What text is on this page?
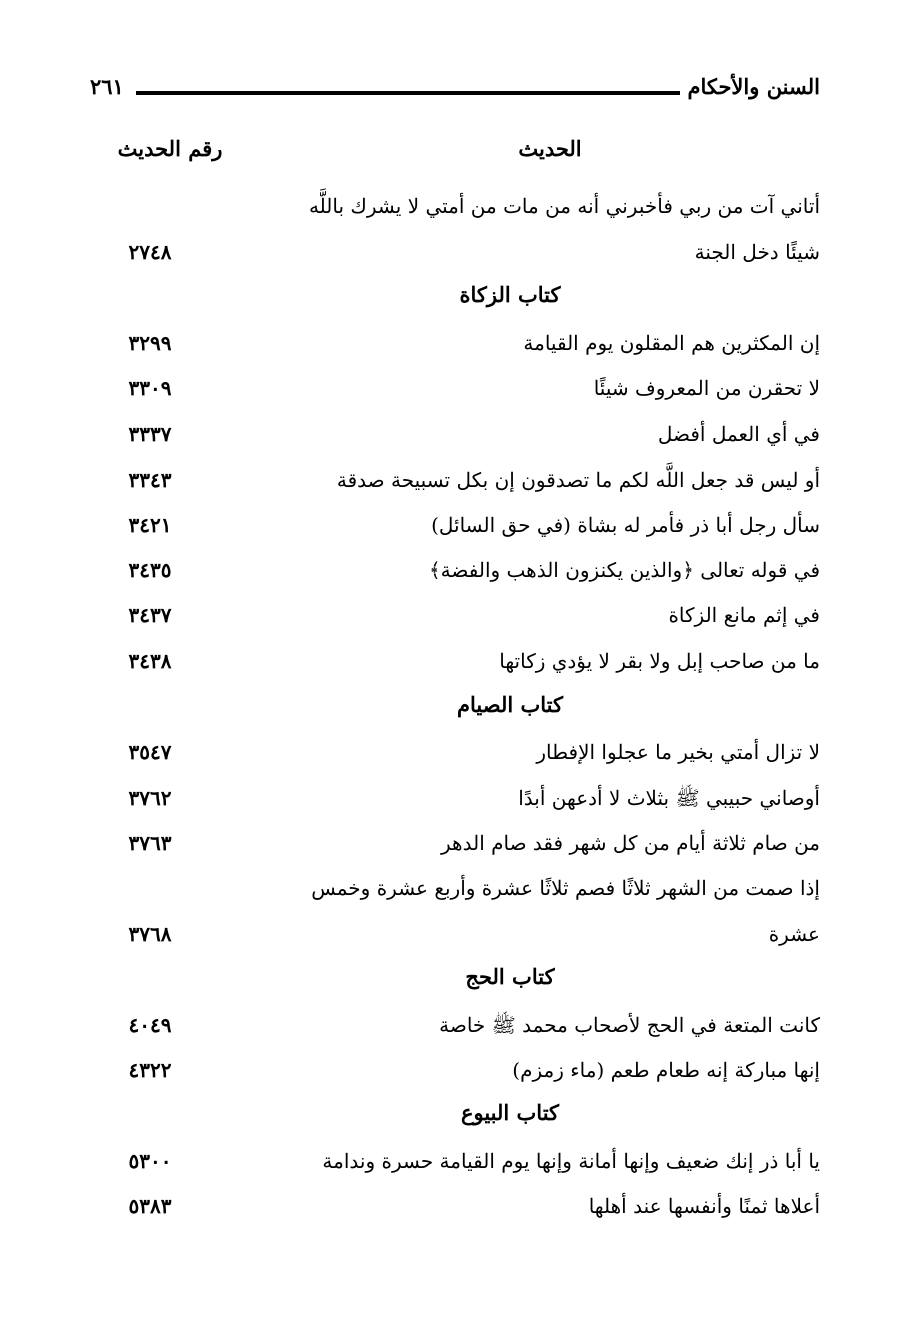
السنن والأحكام
٢٦١
الحديث
رقم الحديث
أتاني آت من ربي فأخبرني أنه من مات من أمتي لا يشرك باللَّه
شيئًا دخل الجنة
٢٧٤٨
كتاب الزكاة
إن المكثرين هم المقلون يوم القيامة
٣٢٩٩
لا تحقرن من المعروف شيئًا
٣٣٠٩
في أي العمل أفضل
٣٣٣٧
أو ليس قد جعل اللَّه لكم ما تصدقون إن بكل تسبيحة صدقة
٣٣٤٣
سأل رجل أبا ذر فأمر له بشاة (في حق السائل)
٣٤٢١
في قوله تعالى ﴿والذين يكنزون الذهب والفضة﴾
٣٤٣٥
في إثم مانع الزكاة
٣٤٣٧
ما من صاحب إبل ولا بقر لا يؤدي زكاتها
٣٤٣٨
كتاب الصيام
لا تزال أمتي بخير ما عجلوا الإفطار
٣٥٤٧
أوصاني حبيبي ﷺ بثلاث لا أدعهن أبدًا
٣٧٦٢
من صام ثلاثة أيام من كل شهر فقد صام الدهر
٣٧٦٣
إذا صمت من الشهر ثلاثًا فصم ثلاثًا عشرة وأربع عشرة وخمس
عشرة
٣٧٦٨
كتاب الحج
كانت المتعة في الحج لأصحاب محمد ﷺ خاصة
٤٠٤٩
إنها مباركة إنه طعام طعم (ماء زمزم)
٤٣٢٢
كتاب البيوع
يا أبا ذر إنك ضعيف وإنها أمانة وإنها يوم القيامة حسرة وندامة
٥٣٠٠
أعلاها ثمنًا وأنفسها عند أهلها
٥٣٨٣
